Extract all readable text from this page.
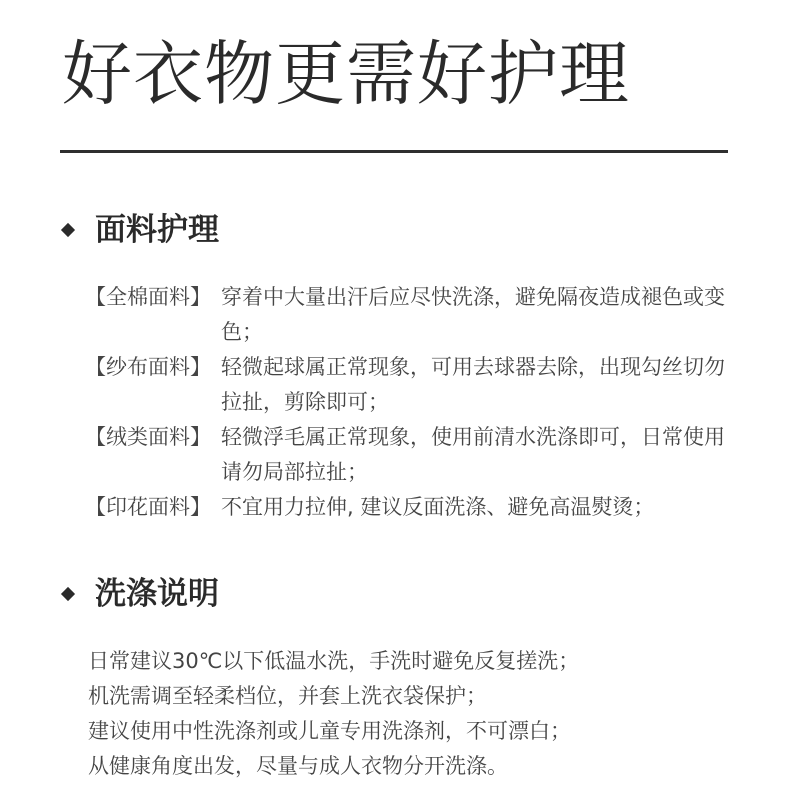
好衣物更需好护理
面料护理
【全棉面料】 穿着中大量出汗后应尽快洗涤，避免隔夜造成褪色或变色；
【纱布面料】 轻微起球属正常现象，可用去球器去除，出现勾丝切勿拉扯，剪除即可；
【绒类面料】 轻微浮毛属正常现象，使用前清水洗涤即可，日常使用请勿局部拉扯；
【印花面料】 不宜用力拉伸, 建议反面洗涤、避免高温熨烫；
洗涤说明
日常建议30℃以下低温水洗，手洗时避免反复搓洗；
机洗需调至轻柔档位，并套上洗衣袋保护；
建议使用中性洗涤剂或儿童专用洗涤剂，不可漂白；
从健康角度出发，尽量与成人衣物分开洗涤。
